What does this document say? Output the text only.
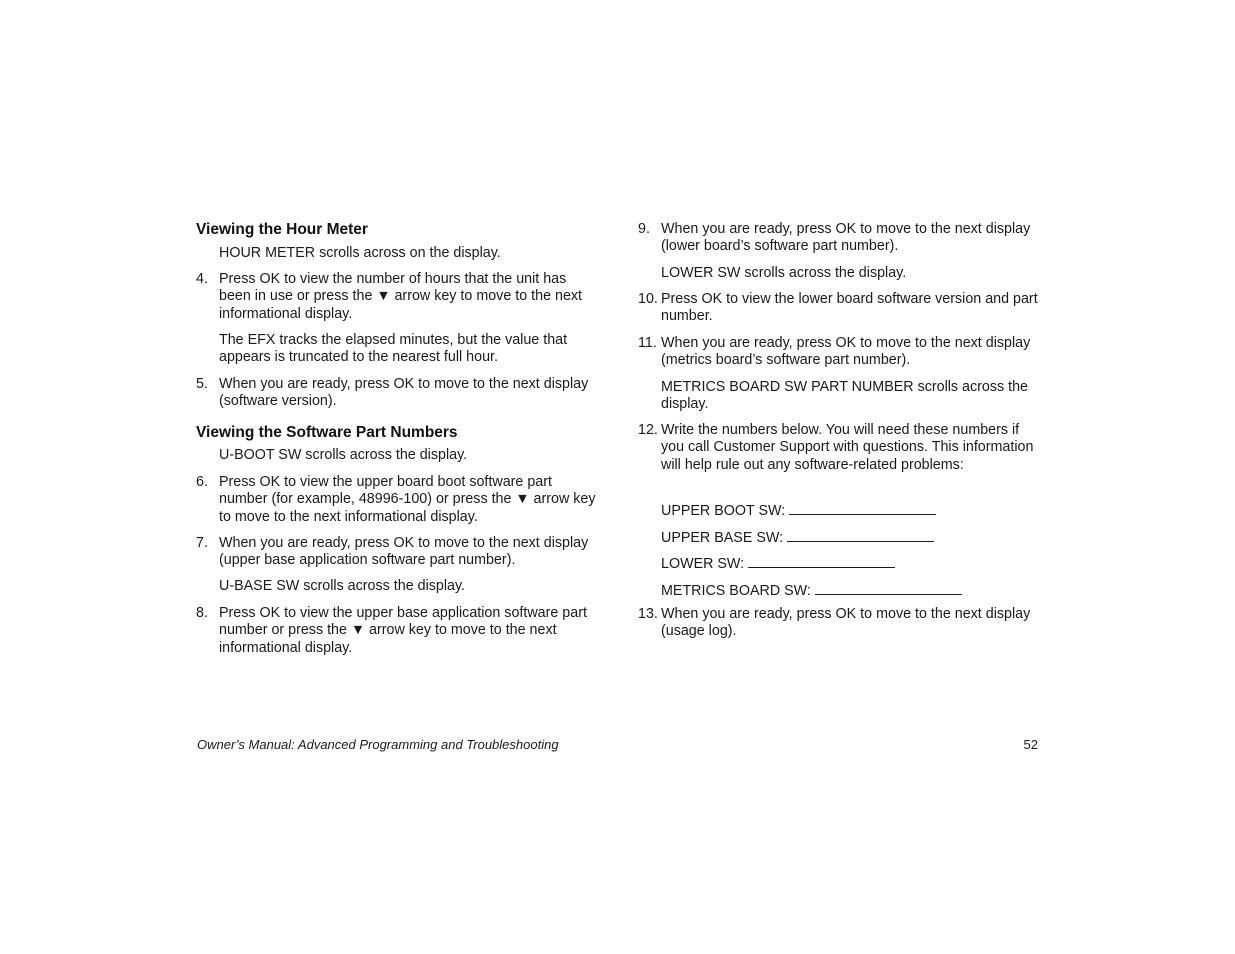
Viewing the Hour Meter
HOUR METER scrolls across on the display.
4. Press OK to view the number of hours that the unit has been in use or press the ▼ arrow key to move to the next informational display.
The EFX tracks the elapsed minutes, but the value that appears is truncated to the nearest full hour.
5. When you are ready, press OK to move to the next display (software version).
Viewing the Software Part Numbers
U-BOOT SW scrolls across the display.
6. Press OK to view the upper board boot software part number (for example, 48996-100) or press the ▼ arrow key to move to the next informational display.
7. When you are ready, press OK to move to the next display (upper base application software part number).
U-BASE SW scrolls across the display.
8. Press OK to view the upper base application software part number or press the ▼ arrow key to move to the next informational display.
9. When you are ready, press OK to move to the next display (lower board’s software part number).
LOWER SW scrolls across the display.
10. Press OK to view the lower board software version and part number.
11. When you are ready, press OK to move to the next display (metrics board’s software part number).
METRICS BOARD SW PART NUMBER scrolls across the display.
12. Write the numbers below. You will need these numbers if you call Customer Support with questions. This information will help rule out any software-related problems:
UPPER BOOT SW:
UPPER BASE SW:
LOWER SW:
METRICS BOARD SW:
13. When you are ready, press OK to move to the next display (usage log).
Owner’s Manual: Advanced Programming and Troubleshooting	52
